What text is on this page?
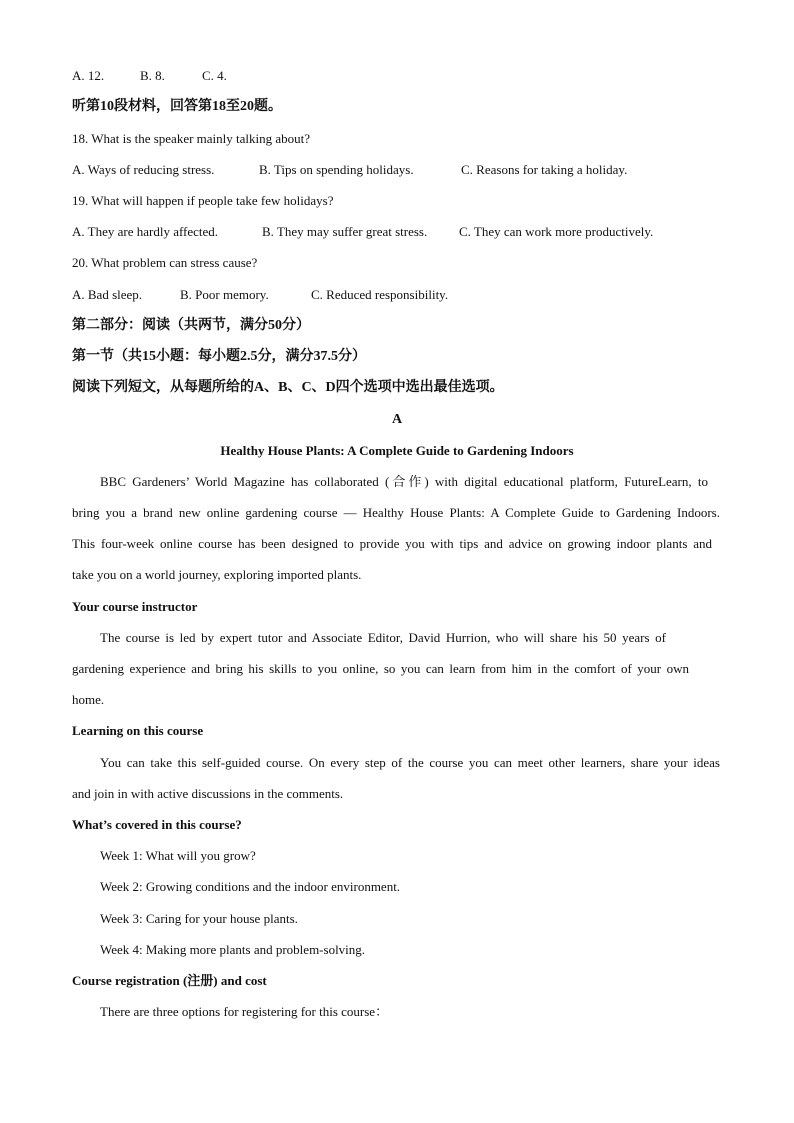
A. 12.	B. 8.	C. 4.
听第10段材料，回答第18至20题。
18. What is the speaker mainly talking about?
A. Ways of reducing stress.	B. Tips on spending holidays.	C. Reasons for taking a holiday.
19. What will happen if people take few holidays?
A. They are hardly affected.	B. They may suffer great stress. C. They can work more productively.
20. What problem can stress cause?
A. Bad sleep.	B. Poor memory.	C. Reduced responsibility.
第二部分：阅读（共两节，满分50分）
第一节（共15小题：每小题2.5分，满分37.5分）
阅读下列短文，从每题所给的A、B、C、D四个选项中选出最佳选项。
A
Healthy House Plants: A Complete Guide to Gardening Indoors
BBC Gardeners’ World Magazine has collaborated (合作) with digital educational platform, FutureLearn, to
bring you a brand new online gardening course — Healthy House Plants: A Complete Guide to Gardening Indoors.
This four-week online course has been designed to provide you with tips and advice on growing indoor plants and
take you on a world journey, exploring imported plants.
Your course instructor
The course is led by expert tutor and Associate Editor, David Hurrion, who will share his 50 years of
gardening experience and bring his skills to you online, so you can learn from him in the comfort of your own
home.
Learning on this course
You can take this self-guided course. On every step of the course you can meet other learners, share your ideas
and join in with active discussions in the comments.
What’s covered in this course?
Week 1: What will you grow?
Week 2: Growing conditions and the indoor environment.
Week 3: Caring for your house plants.
Week 4: Making more plants and problem-solving.
Course registration (注册) and cost
There are three options for registering for this course：
